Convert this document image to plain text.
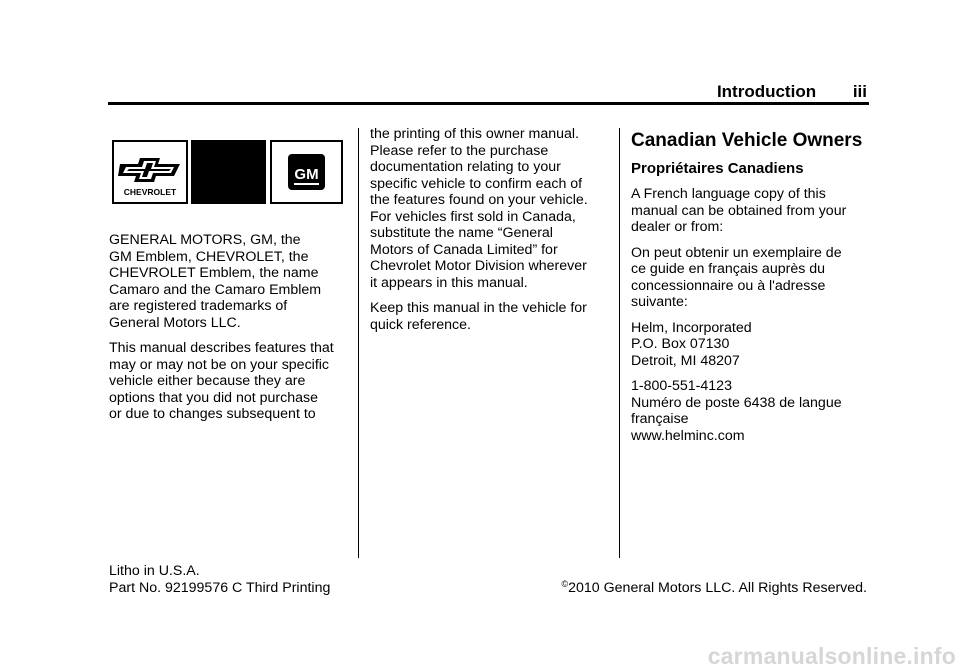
Introduction iii
CHEVROLET
GM

GENERAL MOTORS, GM, the
GM Emblem, CHEVROLET, the
CHEVROLET Emblem, the name
Camaro and the Camaro Emblem
are registered trademarks of
General Motors LLC.

This manual describes features that
may or may not be on your specific
vehicle either because they are
options that you did not purchase
or due to changes subsequent to

the printing of this owner manual.
Please refer to the purchase
documentation relating to your
specific vehicle to confirm each of
the features found on your vehicle.
For vehicles first sold in Canada,
substitute the name “General
Motors of Canada Limited” for
Chevrolet Motor Division wherever
it appears in this manual.

Keep this manual in the vehicle for
quick reference.

Canadian Vehicle Owners
Propriétaires Canadiens

A French language copy of this
manual can be obtained from your
dealer or from:

On peut obtenir un exemplaire de
ce guide en français auprès du
concessionnaire ou à l'adresse
suivante:

Helm, Incorporated
P.O. Box 07130
Detroit, MI 48207

1-800-551-4123
Numéro de poste 6438 de langue
française
www.helminc.com

Litho in U.S.A.
Part No. 92199576 C Third Printing	©2010 General Motors LLC. All Rights Reserved.
carmanualsonline.info
